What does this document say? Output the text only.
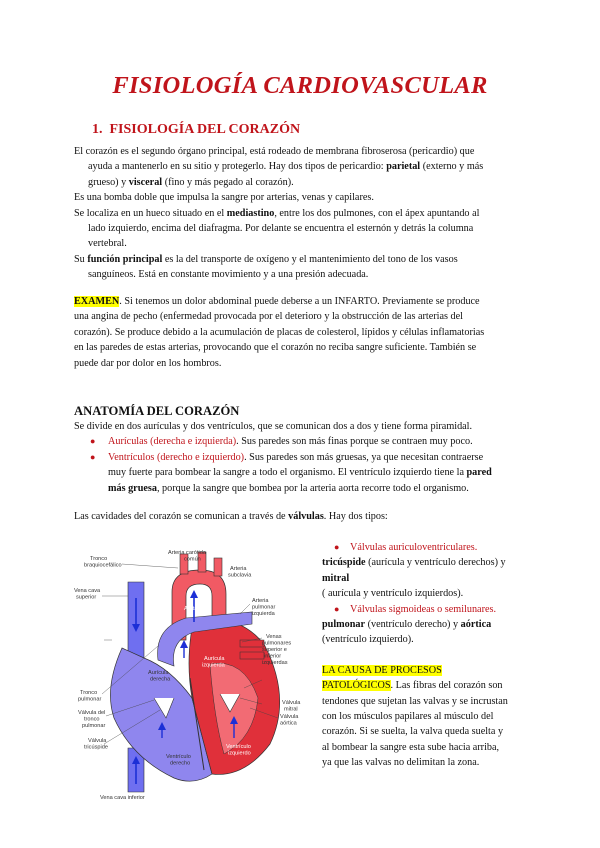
FISIOLOGÍA CARDIOVASCULAR
1. FISIOLOGÍA DEL CORAZÓN
El corazón es el segundo órgano principal, está rodeado de membrana fibroserosa (pericardio) que
ayuda a mantenerlo en su sitio y protegerlo. Hay dos tipos de pericardio: parietal (externo y más
grueso) y visceral (fino y más pegado al corazón).
Es una bomba doble que impulsa la sangre por arterias, venas y capilares.
Se localiza en un hueco situado en el mediastino, entre los dos pulmones, con el ápex apuntando al
lado izquierdo, encima del diafragma. Por delante se encuentra el esternón y detrás la columna
vertebral.
Su función principal es la del transporte de oxígeno y el mantenimiento del tono de los vasos
sanguíneos. Está en constante movimiento y a una presión adecuada.
EXAMEN. Si tenemos un dolor abdominal puede deberse a un INFARTO. Previamente se produce
una angina de pecho (enfermedad provocada por el deterioro y la obstrucción de las arterias del
corazón). Se produce debido a la acumulación de placas de colesterol, lípidos y células inflamatorias
en las paredes de estas arterias, provocando que el corazón no reciba sangre suficiente. También se
puede dar por dolor en los hombros.
ANATOMÍA DEL CORAZÓN
Se divide en dos aurículas y dos ventrículos, que se comunican dos a dos y tiene forma piramidal.
● Aurículas (derecha e izquierda). Sus paredes son más finas porque se contraen muy poco.
● Ventrículos (derecho e izquierdo). Sus paredes son más gruesas, ya que necesitan contraerse
muy fuerte para bombear la sangre a todo el organismo. El ventrículo izquierdo tiene la pared
más gruesa, porque la sangre que bombea por la arteria aorta recorre todo el organismo.
Las cavidades del corazón se comunican a través de válvulas. Hay dos tipos:
Tronco braquiocefálico
Arteria carótida común
Arteria subclavia
Vena cava superior
Aorta
Arteria pulmonar izquierda
Venas pulmonares superior e inferior izquierdas
Aurícula derecha
Aurícula izquierda
Válvula mitral
Válvula aórtica
Tronco pulmonar
Válvula del tronco pulmonar
Válvula tricúspide
Ventrículo derecho
Ventrículo izquierdo
Vena cava inferior
● Válvulas auriculoventriculares.
tricúspide (aurícula y ventrículo derechos) y
mitral
( aurícula y ventrículo izquierdos).
● Válvulas sigmoideas o semilunares.
pulmonar (ventrículo derecho) y aórtica
(ventrículo izquierdo).
LA CAUSA DE PROCESOS
PATOLÓGICOS. Las fibras del corazón son
tendones que sujetan las valvas y se incrustan
con los músculos papilares al músculo del
corazón. Si se suelta, la valva queda suelta y
al bombear la sangre esta sube hacia arriba,
ya que las valvas no delimitan la zona.
